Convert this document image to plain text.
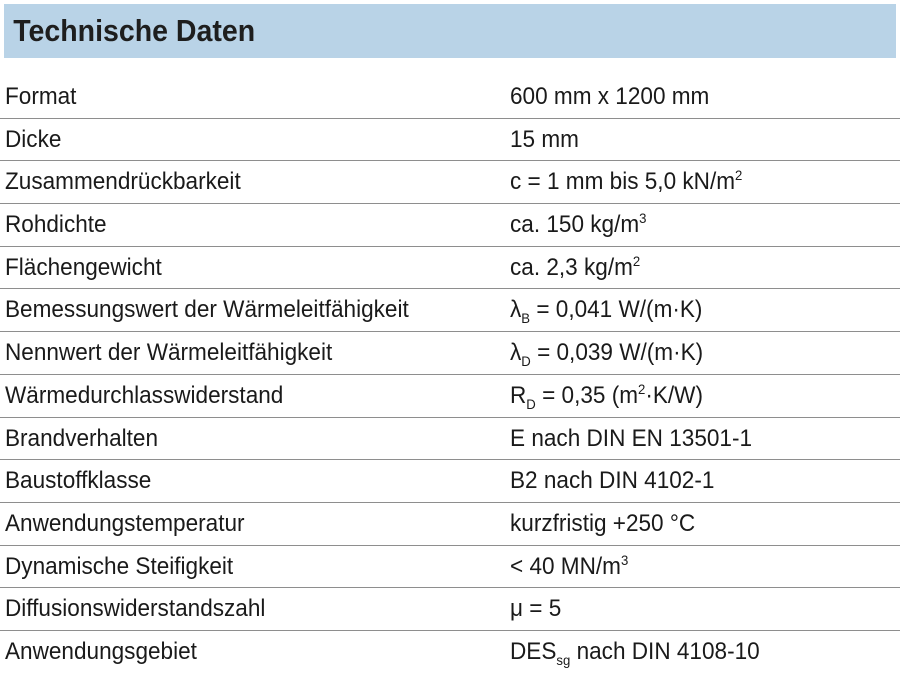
Technische Daten
Format	600 mm x 1200 mm
Dicke	15 mm
Zusammendrückbarkeit	c = 1 mm bis 5,0 $kN/m^2$
Rohdichte	ca. 150 $kg/m^3$
Flächengewicht	ca. 2,3 $kg/m^2$
Bemessungswert der Wärmeleitfähigkeit	$\lambda_B = 0,041$ W/(m·K)
Nennwert der Wärmeleitfähigkeit	$\lambda_D = 0,039$ W/(m·K)
Wärmedurchlasswiderstand	$R_D = 0,35$ $(m^2\cdot K/W)$
Brandverhalten	E nach DIN EN 13501-1
Baustoffklasse	B2 nach DIN 4102-1
Anwendungstemperatur	kurzfristig +250 °C
Dynamische Steifigkeit	< 40 $MN/m^3$
Diffusionswiderstandszahl	μ = 5
Anwendungsgebiet	$DES_{sg}$ nach DIN 4108-10
